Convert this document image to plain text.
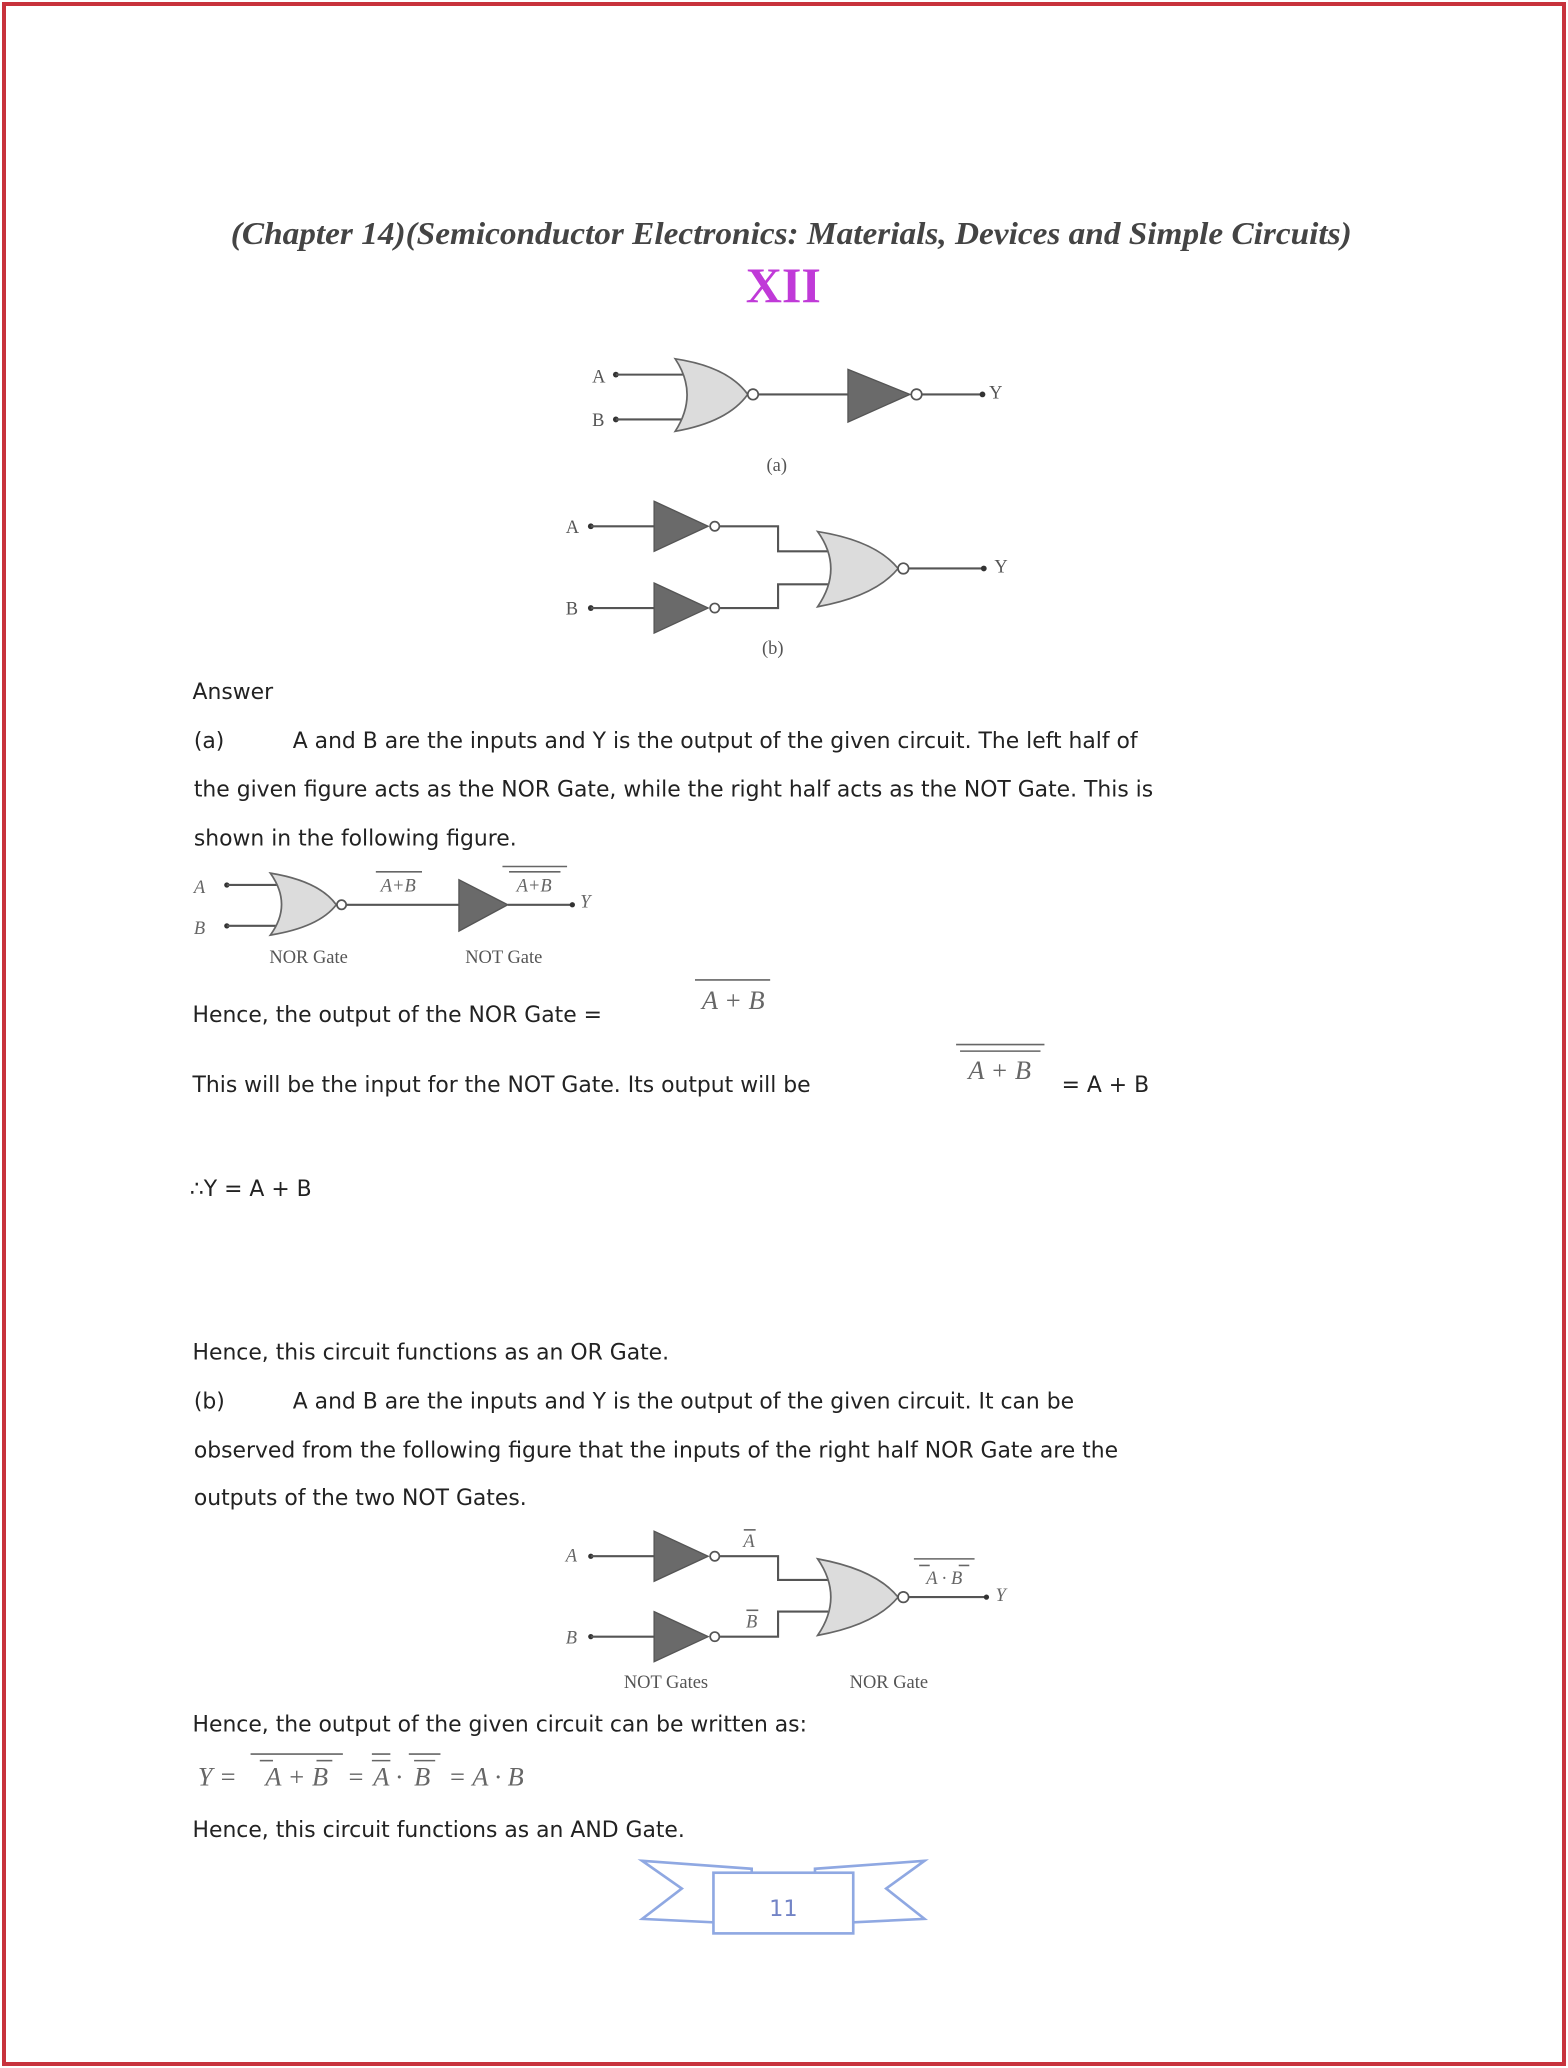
(Chapter 14)(Semiconductor Electronics: Materials, Devices and Simple Circuits)
XII
A
B
Y
(a)
A
B
Y
(b)
Answer
(a)	A and B are the inputs and Y is the output of the given circuit. The left half of
the given figure acts as the NOR Gate, while the right half acts as the NOT Gate. This is
shown in the following figure.
A
B
Y
A+B	A+B
NOR Gate	NOT Gate
Hence, the output of the NOR Gate =
A + B
This will be the input for the NOT Gate. Its output will be
A + B
= A + B
∴Y = A + B
Hence, this circuit functions as an OR Gate.
(b)	A and B are the inputs and Y is the output of the given circuit. It can be
observed from the following figure that the inputs of the right half NOR Gate are the
outputs of the two NOT Gates.
A
B
A
B
Y
A · B
NOT Gates	NOR Gate
Hence, the output of the given circuit can be written as:
Y = A + B = A · B = A · B
Hence, this circuit functions as an AND Gate.
11
